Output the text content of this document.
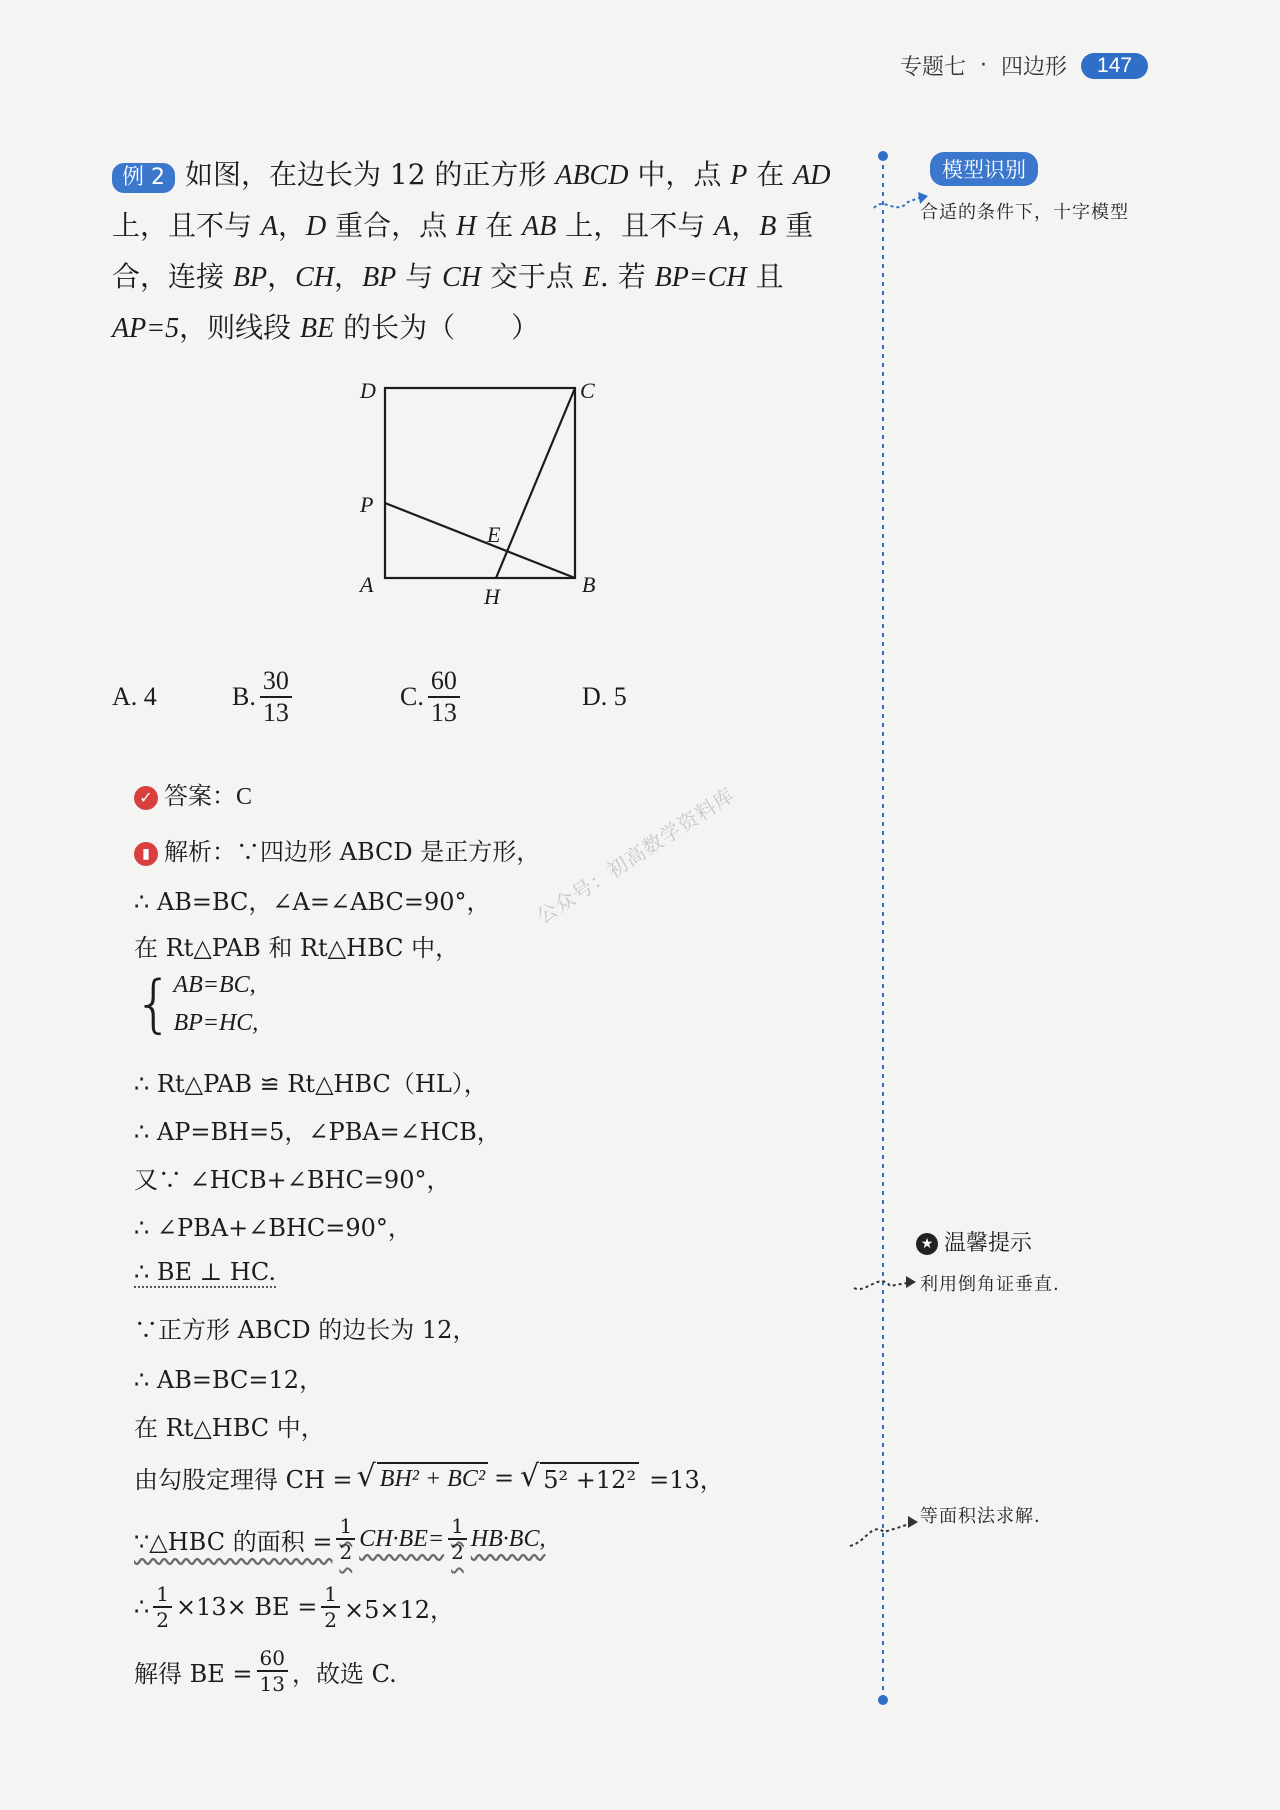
专题七 · 四边形	147
例 2 如图，在边长为 12 的正方形 ABCD 中，点 P 在 AD 上，且不与 A，D 重合，点 H 在 AB 上，且不与 A，B 重合，连接 BP，CH，BP 与 CH 交于点 E. 若 BP=CH 且
AP=5，则线段 BE 的长为（　　）
D	C
P
E
A	H	B
A.
4	B. $\frac{30}{13}$	C. $\frac{60}{13}$	D.
5
✓ 答案：C
▮ 解析：∵四边形 ABCD 是正方形，
∴ AB=BC，∠A=∠ABC=90°，
在 Rt△PAB 和 Rt△HBC 中，
{ AB=BC,
BP=HC,
∴ Rt△PAB ≌ Rt△HBC（HL），
∴ AP=BH=5，∠PBA=∠HCB，
又∵ ∠HCB+∠BHC=90°，
∴ ∠PBA+∠BHC=90°，
∴ BE ⊥ HC.
∵正方形 ABCD 的边长为 12，
∴ AB=BC=12，
在 Rt△HBC 中，
由勾股定理得 CH = √ BH² + BC² = √ 5² +12² =13，
∵△HBC 的面积 = $\frac{1}{2} CH\cdot BE= \frac{1}{2} HB\cdot BC$,
∴ $\frac{1}{2} \times 13\times$ BE = $\frac{1}{2} \times 5\times 12$，
解得 BE = $\frac{60}{13}$ ，故选 C.
公众号：初高数学资料库
模型识别
合适的条件下，十字模型
★ 温馨提示
利用倒角证垂直.
等面积法求解.
